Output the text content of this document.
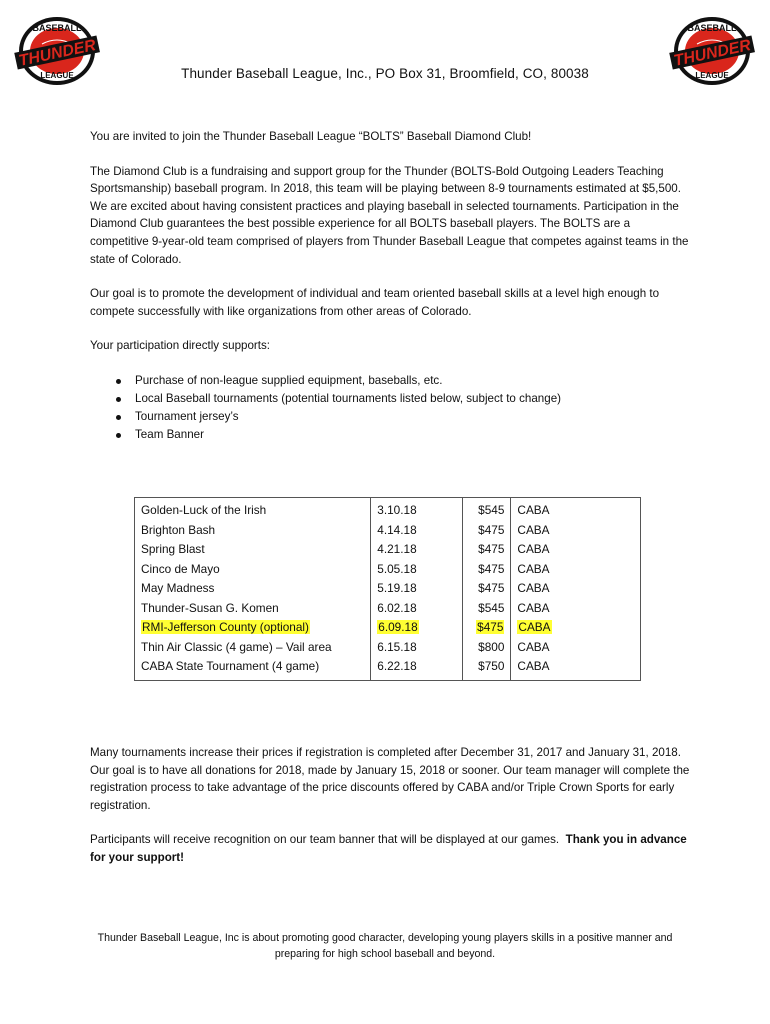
BASEBALL
THUNDER
LEAGUE
BASEBALL
THUNDER
LEAGUE
Thunder Baseball League, Inc., PO Box 31, Broomfield, CO, 80038

You are invited to join the Thunder Baseball League “BOLTS” Baseball Diamond Club!

The Diamond Club is a fundraising and support group for the Thunder (BOLTS-Bold Outgoing Leaders Teaching Sportsmanship) baseball program. In 2018, this team will be playing between 8-9 tournaments estimated at $5,500. We are excited about having consistent practices and playing baseball in selected tournaments. Participation in the Diamond Club guarantees the best possible experience for all BOLTS baseball players. The BOLTS are a competitive 9-year-old team comprised of players from Thunder Baseball League that competes against teams in the state of Colorado.

Our goal is to promote the development of individual and team oriented baseball skills at a level high enough to compete successfully with like organizations from other areas of Colorado.

Your participation directly supports:

Purchase of non-league supplied equipment, baseballs, etc.
Local Baseball tournaments (potential tournaments listed below, subject to change)
Tournament jersey’s
Team Banner
Golden-Luck of the Irish	3.10.18	$545	CABA
Brighton Bash	4.14.18	$475	CABA
Spring Blast	4.21.18	$475	CABA
Cinco de Mayo	5.05.18	$475	CABA
May Madness	5.19.18	$475	CABA
Thunder-Susan G. Komen	6.02.18	$545	CABA
RMI-Jefferson County (optional)	6.09.18	$475	CABA
Thin Air Classic (4 game) – Vail area	6.15.18	$800	CABA
CABA State Tournament (4 game)	6.22.18	$750	CABA

Many tournaments increase their prices if registration is completed after December 31, 2017 and January 31, 2018. Our goal is to have all donations for 2018, made by January 15, 2018 or sooner. Our team manager will complete the registration process to take advantage of the price discounts offered by CABA and/or Triple Crown Sports for early registration.

Participants will receive recognition on our team banner that will be displayed at our games. Thank you in advance for your support!

Thunder Baseball League, Inc is about promoting good character, developing young players skills in a positive manner and preparing for high school baseball and beyond.
